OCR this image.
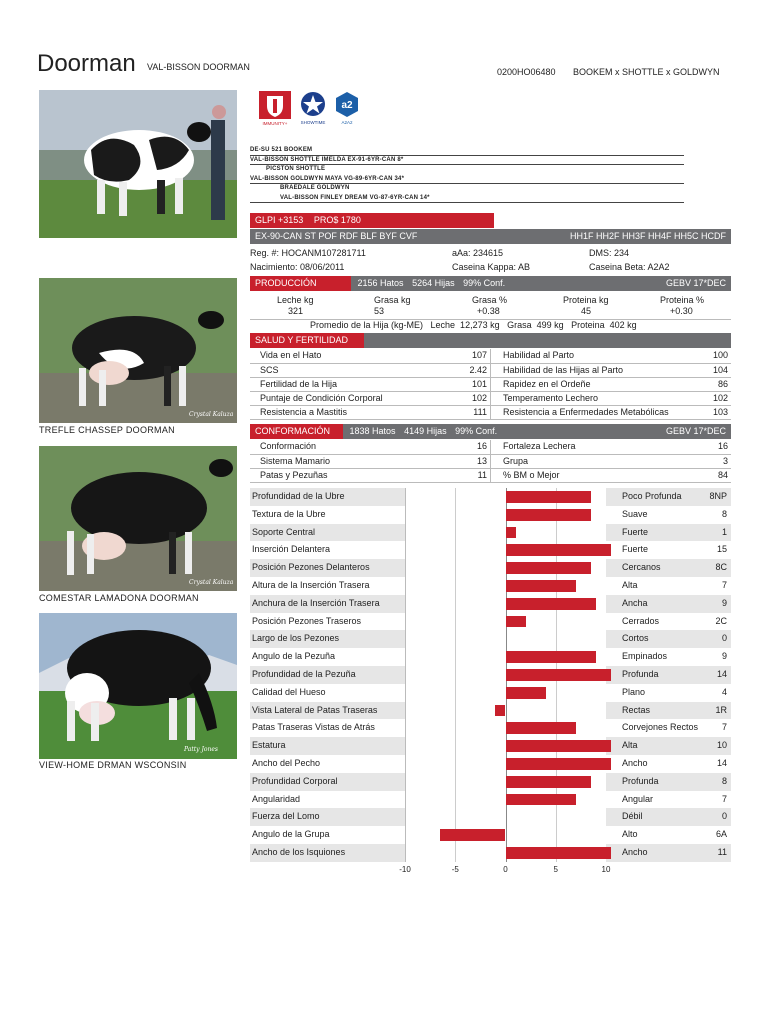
Doorman VAL-BISSON DOORMAN	0200HO06480 BOOKEM x SHOTTLE x GOLDWYN
Crystal Kaluza
TREFLE CHASSEP DOORMAN
Crystal Kaluza
COMESTAR LAMADONA DOORMAN
Patty Jones
VIEW-HOME DRMAN WSCONSIN
IMMUNITY+	SHOWTIME
a2
A2A2
DE-SU 521 BOOKEM
VAL-BISSON SHOTTLE IMELDA EX-91-6YR-CAN 8*
PICSTON SHOTTLE
VAL-BISSON GOLDWYN MAYA VG-89-6YR-CAN 34*
BRAEDALE GOLDWYN
VAL-BISSON FINLEY DREAM VG-87-6YR-CAN 14*
GLPI +3153 PRO$ 1780
EX-90-CAN ST POF RDF BLF BYF CVF	HH1F HH2F HH3F HH4F HH5C HCDF
Reg. #: HOCANM107281711	aAa: 234615	DMS: 234
Nacimiento: 08/06/2011	Caseina Kappa: AB	Caseina Beta: A2A2
PRODUCCIÓN	2156 Hatos 5264 Hijas 99% Conf.	GEBV 17*DEC
Leche kg	Grasa kg	Grasa %	Proteina kg	Proteina %
321	53	+0.38	45	+0.30
Promedio de la Hija (kg-ME)   Leche  12,273 kg   Grasa  499 kg   Proteina  402 kg
SALUD Y FERTILIDAD
Vida en el Hato	107	Habilidad al Parto	100
SCS	2.42	Habilidad de las Hijas al Parto	104
Fertilidad de la Hija	101	Rapidez en el Ordeñe	86
Puntaje de Condición Corporal	102	Temperamento Lechero	102
Resistencia a Mastitis	111	Resistencia a Enfermedades Metabólicas	103
CONFORMACIÓN 1838 Hatos 4149 Hijas 99% Conf.	GEBV 17*DEC
Conformación	16	Fortaleza Lechera	16
Sistema Mamario	13	Grupa	3
Patas y Pezuñas	11	% BM o Mejor	84
Profundidad de la Ubre	Poco Profunda	8NP
Textura de la Ubre	Suave	8
Soporte Central	Fuerte	1
Inserción Delantera	Fuerte	15
Posición Pezones Delanteros	Cercanos	8C
Altura de la Inserción Trasera	Alta	7
Anchura de la Inserción Trasera	Ancha	9
Posición Pezones Traseros	Cerrados	2C
Largo de los Pezones	Cortos	0
Angulo de la Pezuña	Empinados	9
Profundidad de la Pezuña	Profunda	14
Calidad del Hueso	Plano	4
Vista Lateral de Patas Traseras	Rectas	1R
Patas Traseras Vistas de Atrás	Corvejones Rectos	7
Estatura	Alta	10
Ancho del Pecho	Ancho	14
Profundidad Corporal	Profunda	8
Angularidad	Angular	7
Fuerza del Lomo	Débil	0
Angulo de la Grupa	Alto	6A
Ancho de los Isquiones	Ancho	11
-10	-5	0	5	10
